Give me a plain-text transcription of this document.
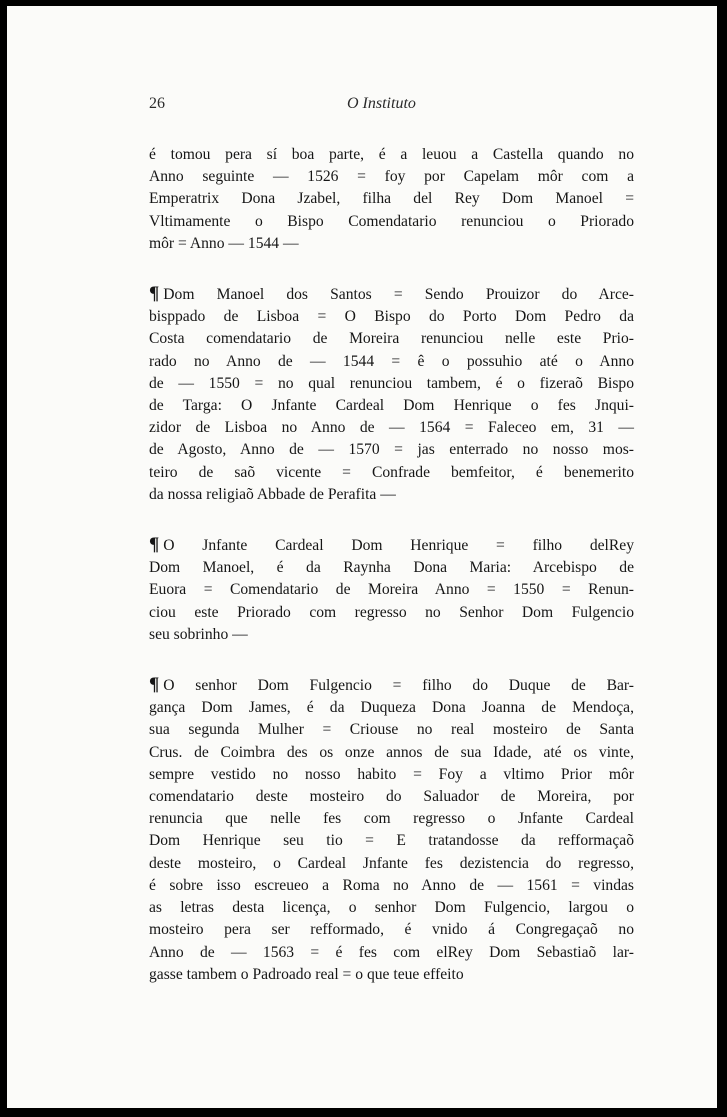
26	O Instituto

é tomou pera sí boa parte, é a leuou a Castella quando no
Anno seguinte — 1526 = foy por Capelam môr com a
Emperatrix Dona Jzabel, filha del Rey Dom Manoel =
Vltimamente o Bispo Comendatario renunciou o Priorado
môr = Anno — 1544 —

¶ Dom Manoel dos Santos = Sendo Prouizor do Arce-
bisppado de Lisboa = O Bispo do Porto Dom Pedro da
Costa comendatario de Moreira renunciou nelle este Prio-
rado no Anno de — 1544 = ê o possuhio até o Anno
de — 1550 = no qual renunciou tambem, é o fizeraõ Bispo
de Targa: O Jnfante Cardeal Dom Henrique o fes Jnqui-
zidor de Lisboa no Anno de — 1564 = Faleceo em, 31 —
de Agosto, Anno de — 1570 = jas enterrado no nosso mos-
teiro de saõ vicente = Confrade bemfeitor, é benemerito
da nossa religiaõ Abbade de Perafita —

¶ O Jnfante Cardeal Dom Henrique = filho delRey
Dom Manoel, é da Raynha Dona Maria: Arcebispo de
Euora = Comendatario de Moreira Anno = 1550 = Renun-
ciou este Priorado com regresso no Senhor Dom Fulgencio
seu sobrinho —

¶ O senhor Dom Fulgencio = filho do Duque de Bar-
gança Dom James, é da Duqueza Dona Joanna de Mendoça,
sua segunda Mulher = Criouse no real mosteiro de Santa
Crus. de Coimbra des os onze annos de sua Idade, até os vinte,
sempre vestido no nosso habito = Foy a vltimo Prior môr
comendatario deste mosteiro do Saluador de Moreira, por
renuncia que nelle fes com regresso o Jnfante Cardeal
Dom Henrique seu tio = E tratandosse da refformaçaõ
deste mosteiro, o Cardeal Jnfante fes dezistencia do regresso,
é sobre isso escreueo a Roma no Anno de — 1561 = vindas
as letras desta licença, o senhor Dom Fulgencio, largou o
mosteiro pera ser refformado, é vnido á Congregaçaõ no
Anno de — 1563 = é fes com elRey Dom Sebastiaõ lar-
gasse tambem o Padroado real = o que teue effeito
